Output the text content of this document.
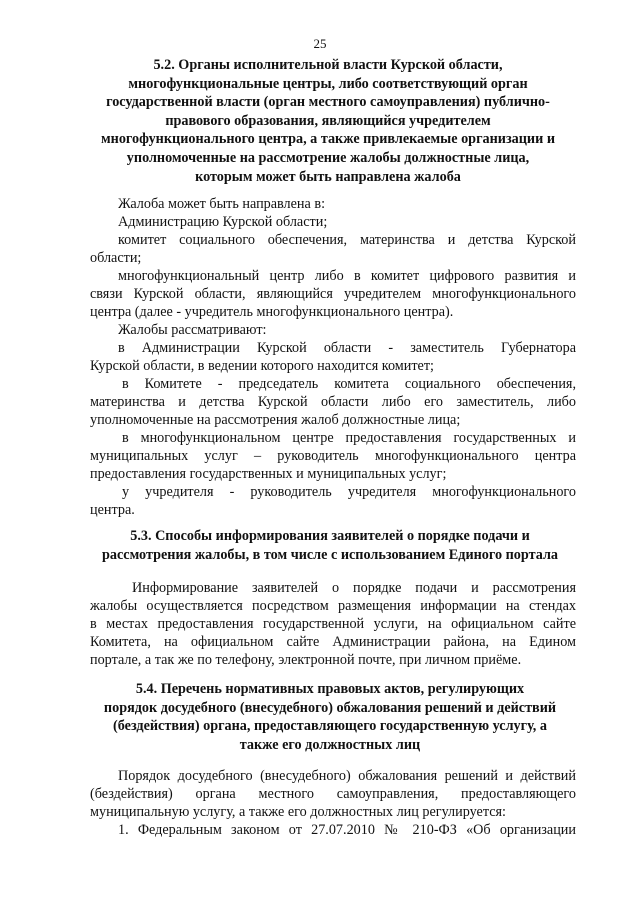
25
5.2. Органы исполнительной власти Курской области,
многофункциональные центры, либо соответствующий орган
государственной власти (орган местного самоуправления) публично-
правового образования, являющийся учредителем
многофункционального центра, а также привлекаемые организации и
уполномоченные на рассмотрение жалобы должностные лица,
которым может быть направлена жалоба
Жалоба может быть направлена в:
Администрацию Курской области;
комитет социального обеспечения, материнства и детства Курской
области;
многофункциональный центр либо в комитет цифрового развития и
связи Курской области, являющийся учредителем многофункционального
центра (далее - учредитель многофункционального центра).
Жалобы рассматривают:
в Администрации Курской области - заместитель Губернатора
Курской области, в ведении которого находится комитет;
в Комитете - председатель комитета социального обеспечения,
материнства и детства Курской области либо его заместитель, либо
уполномоченные на рассмотрения жалоб должностные лица;
в многофункциональном центре предоставления государственных и
муниципальных услуг – руководитель многофункционального центра
предоставления государственных и муниципальных услуг;
у учредителя - руководитель учредителя многофункционального
центра.
5.3. Способы информирования заявителей о порядке подачи и
рассмотрения жалобы, в том числе с использованием Единого портала
Информирование заявителей о порядке подачи и рассмотрения
жалобы осуществляется посредством размещения информации на стендах
в местах предоставления государственной услуги, на официальном сайте
Комитета, на официальном сайте Администрации района, на Едином
портале, а так же по телефону, электронной почте, при личном приёме.
5.4. Перечень нормативных правовых актов, регулирующих
порядок досудебного (внесудебного) обжалования решений и действий
(бездействия) органа, предоставляющего государственную услугу, а
также его должностных лиц
Порядок досудебного (внесудебного) обжалования решений и действий
(бездействия) органа местного самоуправления, предоставляющего
муниципальную услугу, а также его должностных лиц регулируется:
1. Федеральным законом от 27.07.2010 № 210-ФЗ «Об организации
